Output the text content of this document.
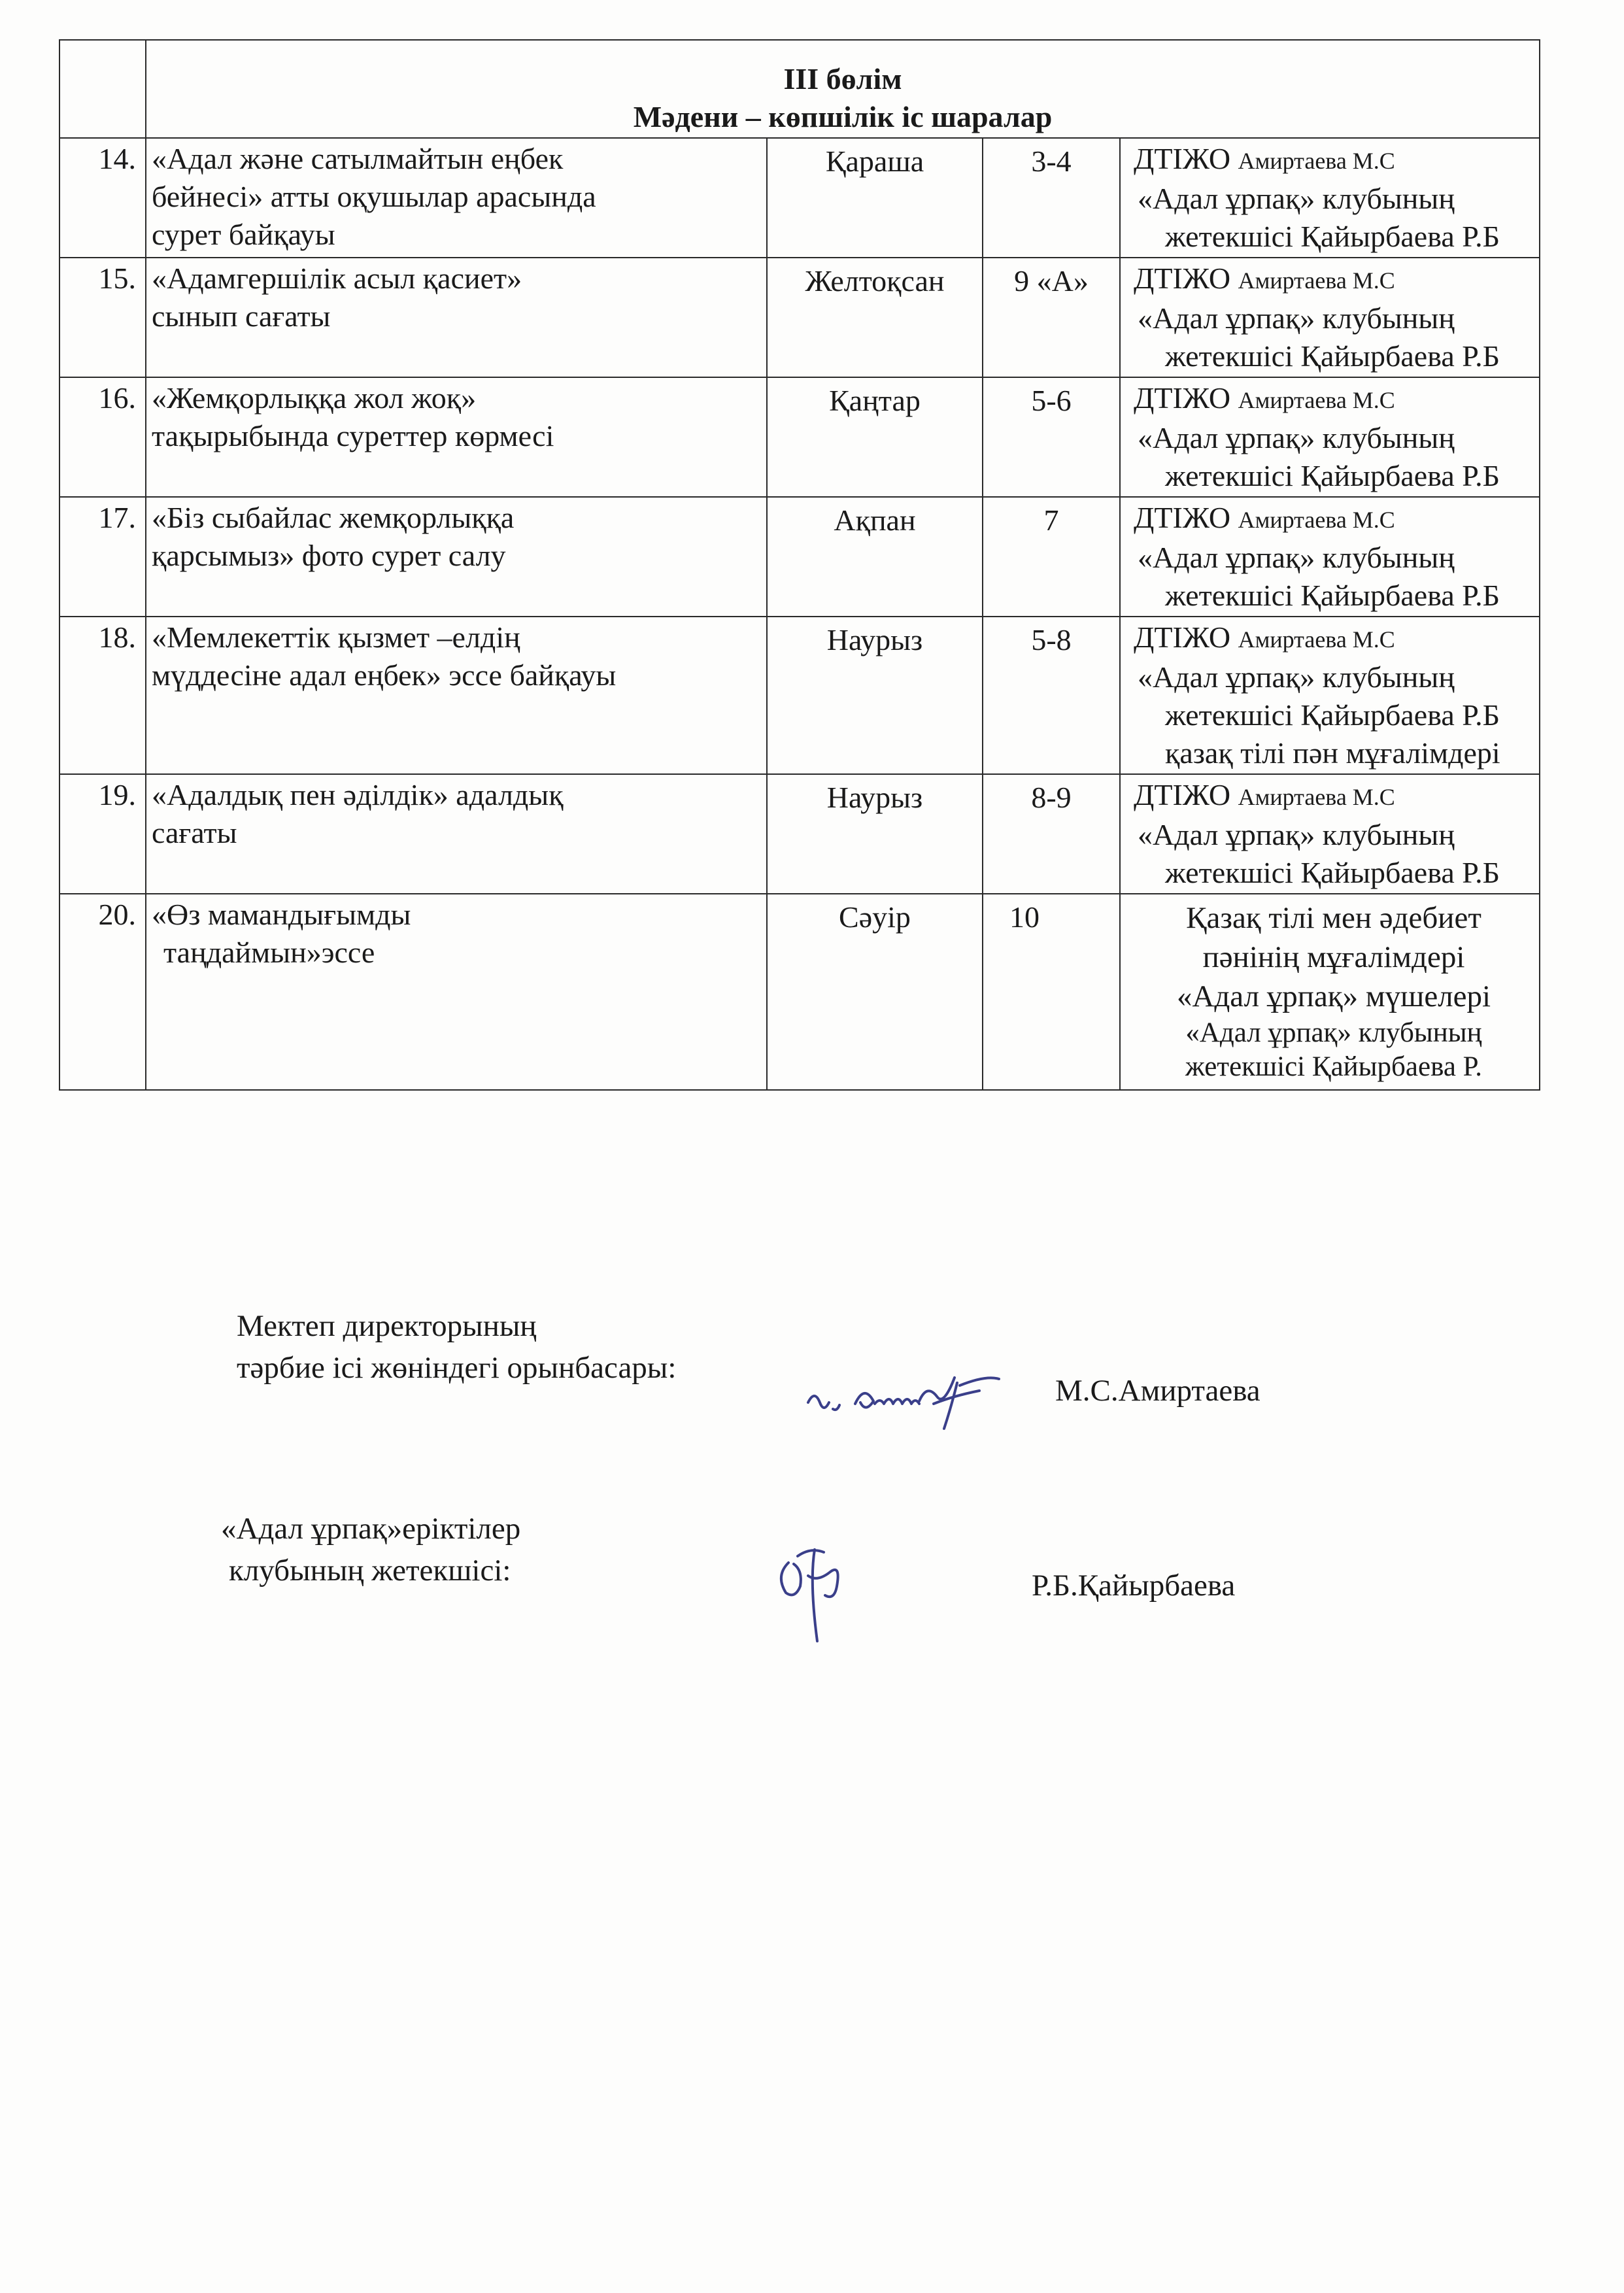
	III бөлім
Мәдени – көпшілік іс шаралар			

14.	«Адал және сатылмайтын еңбек
бейнесі» атты оқушылар арасында
сурет байқауы	Қараша	3-4	ДТІЖО Амиртаева М.С
«Адал ұрпақ» клубының
жетекшісі Қайырбаева Р.Б

15.	«Адамгершілік асыл қасиет»
сынып сағаты	Желтоқсан	9 «А»	ДТІЖО Амиртаева М.С
«Адал ұрпақ» клубының
жетекшісі Қайырбаева Р.Б

16.	«Жемқорлыққа жол жоқ»
тақырыбында суреттер көрмесі	Қаңтар	5-6	ДТІЖО Амиртаева М.С
«Адал ұрпақ» клубының
жетекшісі Қайырбаева Р.Б

17.	«Біз сыбайлас жемқорлыққа
қарсымыз» фото сурет салу	Ақпан	7	ДТІЖО Амиртаева М.С
«Адал ұрпақ» клубының
жетекшісі Қайырбаева Р.Б

18.	«Мемлекеттік қызмет –елдің
мүддесіне адал еңбек» эссе байқауы	Наурыз	5-8	ДТІЖО Амиртаева М.С
«Адал ұрпақ» клубының
жетекшісі Қайырбаева Р.Б
қазақ тілі пән мұғалімдері

19.	«Адалдық пен әділдік» адалдық
сағаты	Наурыз	8-9	ДТІЖО Амиртаева М.С
«Адал ұрпақ» клубының
жетекшісі Қайырбаева Р.Б

20.	«Өз мамандығымды
таңдаймын»эссе	Сәуір	10	Қазақ тілі мен әдебиет
пәнінің мұғалімдері
«Адал ұрпақ» мүшелері
«Адал ұрпақ» клубының
жетекшісі Қайырбаева Р.
Мектеп директорының
тәрбие ісі жөніндегі орынбасары:
М.С.Амиртаева
«Адал ұрпақ»еріктілер
клубының жетекшісі:	Р.Б.Қайырбаева
